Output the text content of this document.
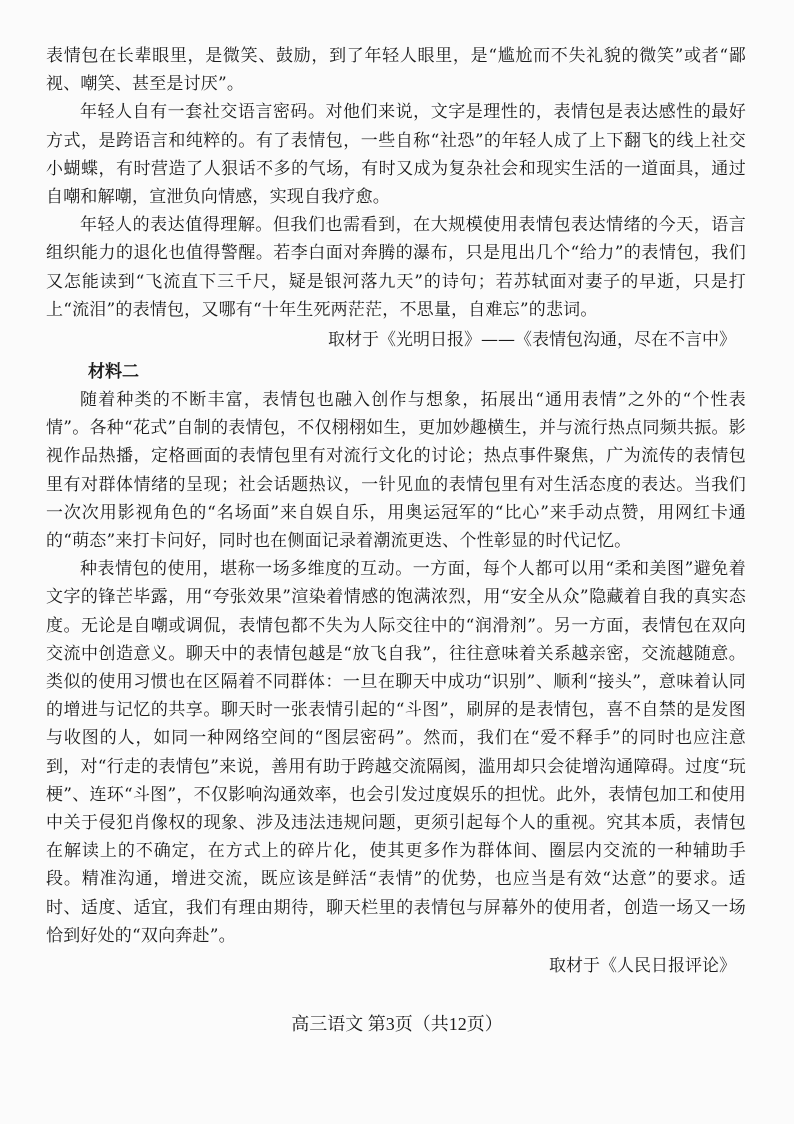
表情包在长辈眼里，是微笑、鼓励，到了年轻人眼里，是“尴尬而不失礼貌的微笑”或者“鄙视、嘲笑、甚至是讨厌”。

年轻人自有一套社交语言密码。对他们来说，文字是理性的，表情包是表达感性的最好方式，是跨语言和纯粹的。有了表情包，一些自称“社恐”的年轻人成了上下翻飞的线上社交小蝴蝶，有时营造了人狠话不多的气场，有时又成为复杂社会和现实生活的一道面具，通过自嘲和解嘲，宣泄负向情感，实现自我疗愈。

年轻人的表达值得理解。但我们也需看到，在大规模使用表情包表达情绪的今天，语言组织能力的退化也值得警醒。若李白面对奔腾的瀑布，只是甩出几个“给力”的表情包，我们又怎能读到“飞流直下三千尺，疑是银河落九天”的诗句；若苏轼面对妻子的早逝，只是打上“流泪”的表情包，又哪有“十年生死两茫茫，不思量，自难忘”的悲词。

取材于《光明日报》——《表情包沟通，尽在不言中》
材料二

随着种类的不断丰富，表情包也融入创作与想象，拓展出“通用表情”之外的“个性表情”。各种“花式”自制的表情包，不仅栩栩如生，更加妙趣横生，并与流行热点同频共振。影视作品热播，定格画面的表情包里有对流行文化的讨论；热点事件聚焦，广为流传的表情包里有对群体情绪的呈现；社会话题热议，一针见血的表情包里有对生活态度的表达。当我们一次次用影视角色的“名场面”来自娱自乐，用奥运冠军的“比心”来手动点赞，用网红卡通的“萌态”来打卡问好，同时也在侧面记录着潮流更迭、个性彰显的时代记忆。

种表情包的使用，堪称一场多维度的互动。一方面，每个人都可以用“柔和美图”避免着文字的锋芒毕露，用“夸张效果”渲染着情感的饱满浓烈，用“安全从众”隐藏着自我的真实态度。无论是自嘲或调侃，表情包都不失为人际交往中的“润滑剂”。另一方面，表情包在双向交流中创造意义。聊天中的表情包越是“放飞自我”，往往意味着关系越亲密，交流越随意。类似的使用习惯也在区隔着不同群体：一旦在聊天中成功“识别”、顺利“接头”，意味着认同的增进与记忆的共享。聊天时一张表情引起的“斗图”，刷屏的是表情包，喜不自禁的是发图与收图的人，如同一种网络空间的“图层密码”。然而，我们在“爱不释手”的同时也应注意到，对“行走的表情包”来说，善用有助于跨越交流隔阂，滥用却只会徒增沟通障碍。过度“玩梗”、连环“斗图”，不仅影响沟通效率，也会引发过度娱乐的担忧。此外，表情包加工和使用中关于侵犯肖像权的现象、涉及违法违规问题，更须引起每个人的重视。究其本质，表情包在解读上的不确定，在方式上的碎片化，使其更多作为群体间、圈层内交流的一种辅助手段。精准沟通，增进交流，既应该是鲜活“表情”的优势，也应当是有效“达意”的要求。适时、适度、适宜，我们有理由期待，聊天栏里的表情包与屏幕外的使用者，创造一场又一场恰到好处的“双向奔赴”。

取材于《人民日报评论》
高三语文 第3页（共12页）
